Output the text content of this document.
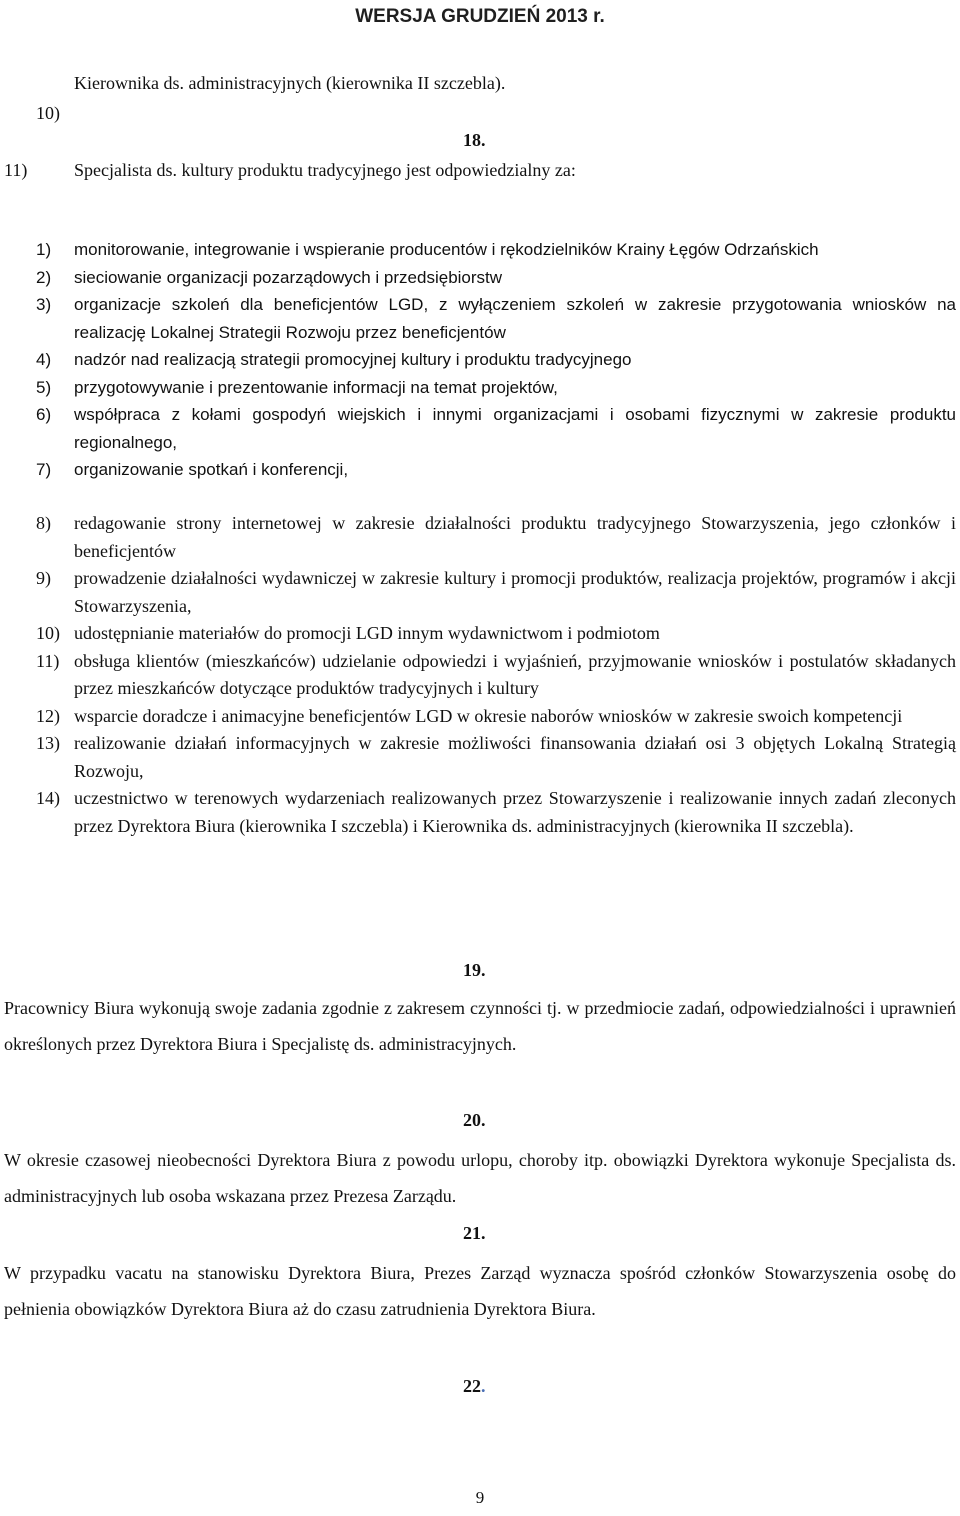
WERSJA GRUDZIEŃ 2013 r.
Kierownika ds. administracyjnych (kierownika II szczebla).
10)
18.
11)	Specjalista ds. kultury produktu tradycyjnego jest odpowiedzialny za:
1) monitorowanie, integrowanie i wspieranie producentów i rękodzielników Krainy Łęgów Odrzańskich
2) sieciowanie organizacji pozarządowych i przedsiębiorstw
3) organizacje szkoleń dla beneficjentów LGD, z wyłączeniem szkoleń w zakresie przygotowania wniosków na realizację Lokalnej Strategii Rozwoju przez beneficjentów
4) nadzór nad realizacją strategii promocyjnej kultury i produktu tradycyjnego
5) przygotowywanie i prezentowanie informacji na temat projektów,
6) współpraca z kołami gospodyń wiejskich i innymi organizacjami i osobami fizycznymi w zakresie produktu regionalnego,
7) organizowanie spotkań i konferencji,
8) redagowanie strony internetowej w zakresie działalności produktu tradycyjnego Stowarzyszenia, jego członków i beneficjentów
9) prowadzenie działalności wydawniczej w zakresie kultury i promocji produktów, realizacja projektów, programów i akcji Stowarzyszenia,
10) udostępnianie materiałów do promocji LGD innym wydawnictwom i podmiotom
11) obsługa klientów (mieszkańców) udzielanie odpowiedzi i wyjaśnień, przyjmowanie wniosków i postulatów składanych przez mieszkańców dotyczące produktów tradycyjnych i kultury
12) wsparcie doradcze i animacyjne beneficjentów LGD w okresie naborów wniosków w zakresie swoich kompetencji
13) realizowanie działań informacyjnych w zakresie możliwości finansowania działań osi 3 objętych Lokalną Strategią Rozwoju,
14) uczestnictwo w terenowych wydarzeniach realizowanych przez Stowarzyszenie i realizowanie innych zadań zleconych przez Dyrektora Biura (kierownika I szczebla) i Kierownika ds. administracyjnych (kierownika II szczebla).
19.
Pracownicy Biura wykonują swoje zadania zgodnie z zakresem czynności tj. w przedmiocie zadań, odpowiedzialności i uprawnień określonych przez Dyrektora Biura i Specjalistę ds. administracyjnych.
20.
W okresie czasowej nieobecności Dyrektora Biura z powodu urlopu, choroby itp. obowiązki Dyrektora wykonuje Specjalista ds. administracyjnych lub osoba wskazana przez Prezesa Zarządu.
21.
W przypadku vacatu na stanowisku Dyrektora Biura, Prezes Zarząd wyznacza spośród członków Stowarzyszenia osobę do pełnienia obowiązków Dyrektora Biura aż do czasu zatrudnienia Dyrektora Biura.
22.
9
